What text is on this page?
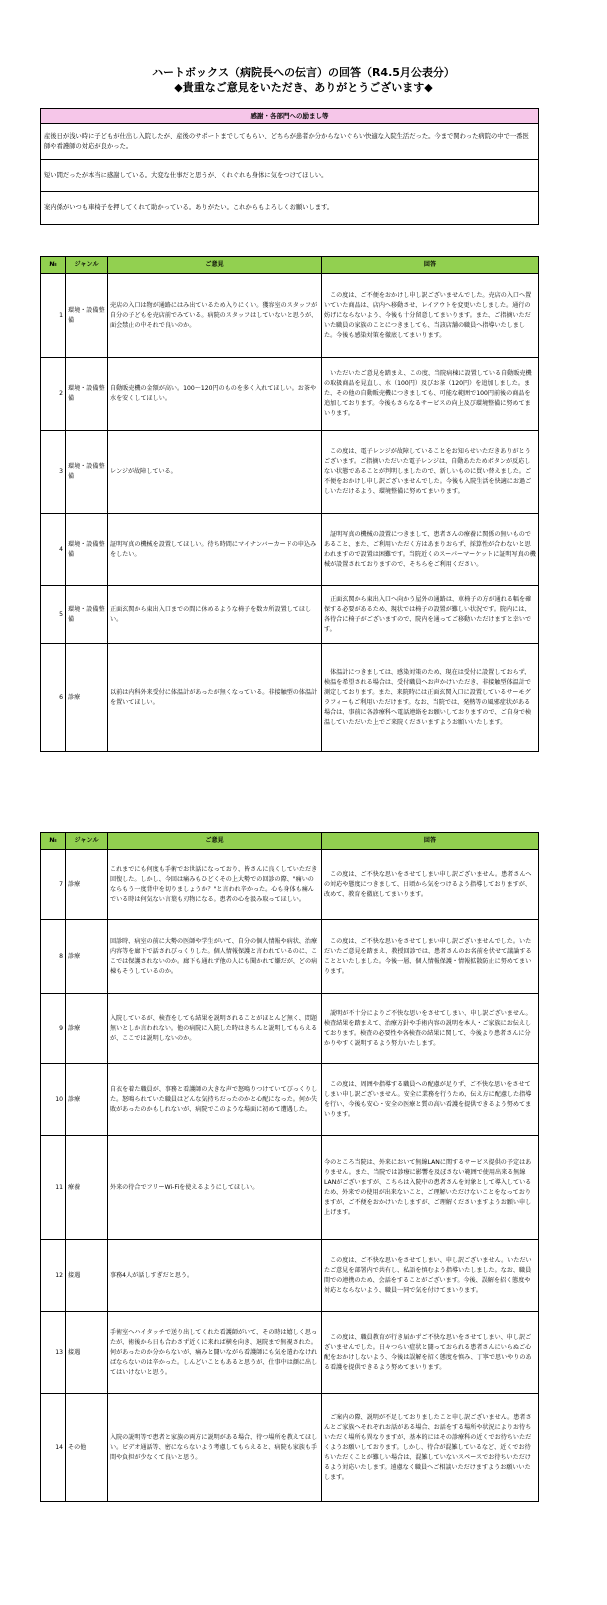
ハートボックス（病院長への伝言）の回答（R4.5月公表分）
◆貴重なご意見をいただき、ありがとうございます◆
感謝・各部門への励まし等
産後日が浅い時に子どもが仕出し入院したが、産後のサポートまでしてもらい、どちらが患者か分からないぐらい快適な入院生活だった。今まで関わった病院の中で一番医師や看護師の対応が良かった。
短い間だったが本当に感謝している。大変な仕事だと思うが、くれぐれも身体に気をつけてほしい。
案内係がいつも車椅子を押してくれて助かっている。ありがたい。これからもよろしくお願いします。
№	ジャンル	ご意見	回答
1	環境・設備整備	売店の入口は物が通路にはみ出ているため入りにくい。獲容室のスタッフが自分の子どもを売店前でみている。病院のスタッフはしていないと思うが、面会禁止の中それで良いのか。	　この度は、ご不便をおかけし申し訳ございませんでした。売店の入口へ置いていた商品は、店内へ移動させ、レイアウトを変更いたしました。通行の妨げにならないよう、今後も十分留意してまいります。また、ご指摘いただいた職員の家族のことにつきましても、当該店舗の職員へ指導いたしました。今後も感染対策を徹底してまいります。
2	環境・設備整備	自動販売機の金額が高い。100～120円のものを多く入れてほしい。お茶や水を安くしてほしい。	　いただいたご意見を踏まえ、この度、当院病棟に設置している自動販売機の取扱商品を見直し、水（100円）及びお茶（120円）を追加しました。また、その他の自動販売機につきましても、可能な範囲で100円前後の商品を追加しております。今後もさらなるサービスの向上及び環境整備に努めてまいります。
3	環境・設備整備	レンジが故障している。	　この度は、電子レンジが故障していることをお知らせいただきありがとうございます。ご指摘いただいた電子レンジは、自動あたためボタンが反応しない状態であることが判明しましたので、新しいものに買い替えました。ご不便をおかけし申し訳ございませんでした。今後も入院生活を快適にお過ごしいただけるよう、環境整備に努めてまいります。
4	環境・設備整備	証明写真の機械を設置してほしい。待ち時間にマイナンバーカードの申込みをしたい。	　証明写真の機械の設置につきまして、患者さんの療養に関係の無いものであること、また、ご利用いただく方はあまりおらず、採算性が合わないと思われますので設置は困難です。当院近くのスーパーマーケットに証明写真の機械が設置されておりますので、そちらをご利用ください。
5	環境・設備整備	正面玄関から東出入口までの間に休めるような椅子を数カ所設置してほしい。	　正面玄関から東出入口へ向かう屋外の通路は、車椅子の方が通れる幅を確保する必要があるため、現状では椅子の設置が難しい状況です。院内には、各待合に椅子がございますので、院内を通ってご移動いただけますと幸いです。
6	診療	以前は内科外来受付に体温計があったが無くなっている。非接触型の体温計を置いてほしい。	　体温計につきましては、感染対策のため、現在は受付に設置しておらず、検温を希望される場合は、受付職員へお声かけいただき、非接触型体温計で測定しております。また、来院時には正面玄関入口に設置しているサーモグラフィーもご利用いただけます。なお、当院では、発熱等の風邪症状がある場合は、事前に各診療科へ電話連絡をお願いしておりますので、ご自身で検温していただいた上でご来院くださいますようお願いいたします。
№	ジャンル	ご意見	回答
7	診療	これまでにも何度も手術でお世話になっており、皆さんに良くしていただき回復した。しかし、今回は痛みもひどくその上大勢での回診の際、"痛いのならもう一度背中を切りましょうか？"と言われ辛かった。心も身体も痛んでいる時は何気ない言葉も刃物になる。患者の心を汲み取ってほしい。	　この度は、ご不快な思いをさせてしまい申し訳ございません。患者さんへの対応や態度につきまして、日頃から気をつけるよう指導しておりますが、改めて、教育を徹底してまいります。
8	診療	回診時、病室の前に大勢の医師や学生がいて、自分の個人情報や病状、治療内容等を廊下で話されびっくりした。個人情報保護と言われているのに、ここでは保護されないのか。廊下も通れず他の人にも聞かれて嫌だが、どの病棟もそうしているのか。	　この度は、ご不快な思いをさせてしまい申し訳ございませんでした。いただいたご意見を踏まえ、教授回診では、患者さんのお名前を伏せて議論することといたしました。今後一層、個人情報保護・情報拡散防止に努めてまいります。
9	診療	入院しているが、検査をしても結果を説明されることがほとんど無く、問題無いとしか言われない。他の病院に入院した時はきちんと説明してもらえるが、ここでは説明しないのか。	　説明が不十分によりご不快な思いをさせてしまい、申し訳ございません。検査結果を踏まえて、治療方針や手術内容の説明を本人・ご家族にお伝えしております。検査の必要性や各検査の結果に関して、今後より患者さんに分かりやすく説明するよう努力いたします。
10	診療	自衣を着た職員が、事務と看護師の大きな声で怒鳴りつけていてびっくりした。怒鳴られていた職員はどんな気持ちだったのかと心配になった。何か失敗があったのかもしれないが、病院でこのような場面に初めて遭遇した。	　この度は、周囲や指導する職員への配慮が足りず、ご不快な思いをさせてしまい申し訳ございません。安全に業務を行うため、伝え方に配慮した指導を行い、今後も安心・安全の医療と質の高い看護を提供できるよう努めてまいります。
11	療養	外来の待合でフリーWi-Fiを使えるようにしてほしい。	今のところ当院は、外来において無線LANに関するサービス提供の予定はありません。また、当院では診療に影響を及ぼさない範囲で使用出来る無線LANがございますが、こちらは入院中の患者さんを対象として導入しているため、外来での使用が出来ないこと、ご理解いただけないことをなっておりますが、ご不便をおかけいたしますが、ご理解くださいますようお願い申し上げます。
12	接遇	事務4人が話しすぎだと思う。	　この度は、ご不快な思いをさせてしまい、申し訳ございません。いただいたご意見を部署内で共有し、私語を慎むよう指導いたしました。なお、職員間での連携のため、会話をすることがございます。今後、誤解を招く態度や対応とならないよう、職員一同で気を付けてまいります。
13	接遇	手術室へハイタッチで送り出してくれた看護師がいて、その時は嬉しく思ったが、術後から日も合わさず近くに来れば横を向き、退院まで無視された。何があったのか分からないが、痛みと闘いながら看護師にも気を遣わなければならないのは辛かった。しんどいこともあると思うが、仕事中は顔に出してはいけないと思う。	　この度は、職員教育が行き届かずご不快な思いをさせてしまい、申し訳ございませんでした。日々つらい症状と闘っておられる患者さんにいらぬご心配をおかけしないよう、今後は誤解を招く態度を慎み、丁寧で思いやりのある看護を提供できるよう努めてまいります。
14	その他	入院の説明等で患者と家族の両方に説明がある場合、待つ場所を教えてほしい。ビデオ通話等、密にならないよう考慮してもらえると、病院も家族も手間や負担が少なくて良いと思う。	　ご案内の際、説明が不足しておりましたこと申し訳ございません。患者さんとご家族へそれぞれお話がある場合、お話をする場所や状況によりお待ちいただく場所も異なりますが、基本的にはその診療科の近くでお待ちいただくようお願いしております。しかし、待合が混雑しているなど、近くでお待ちいただくことが難しい場合は、混雑していないスペースでお待ちいただけるよう対応いたします。遠慮なく職員へご相談いただけますようお願いいたします。
